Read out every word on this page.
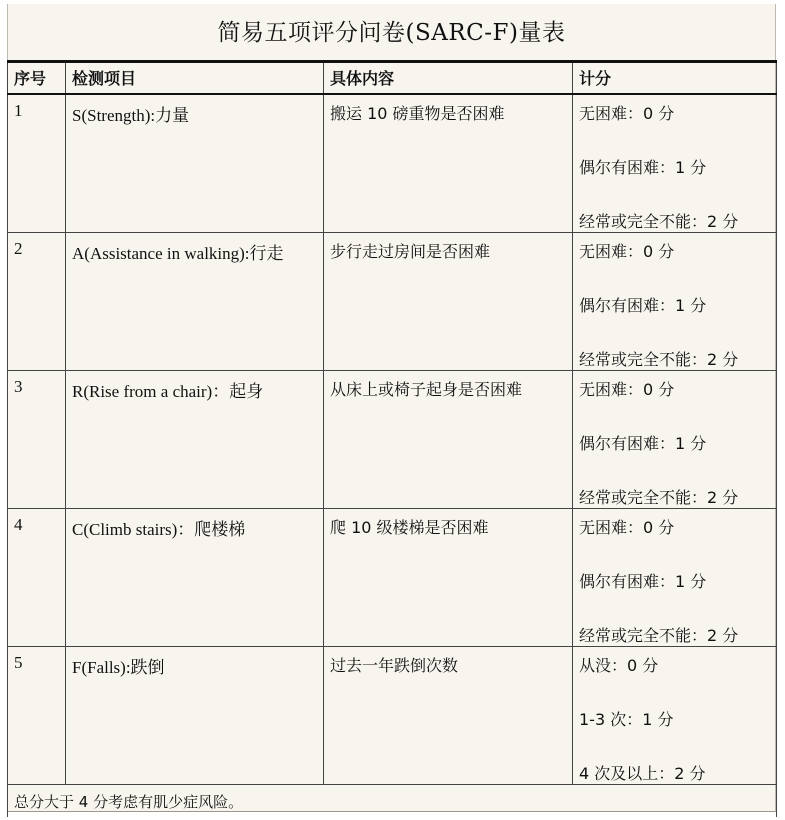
简易五项评分问卷(SARC-F)量表
序号	检测项目	具体内容	计分
1	S(Strength):力量	搬运 10 磅重物是否困难	无困难：0 分
偶尔有困难：1 分
经常或完全不能：2 分

2	A(Assistance in walking):行走	步行走过房间是否困难	无困难：0 分
偶尔有困难：1 分
经常或完全不能：2 分

3	R(Rise from a chair)：起身	从床上或椅子起身是否困难	无困难：0 分
偶尔有困难：1 分
经常或完全不能：2 分

4	C(Climb stairs)：爬楼梯	爬 10 级楼梯是否困难	无困难：0 分
偶尔有困难：1 分
经常或完全不能：2 分

5	F(Falls):跌倒	过去一年跌倒次数	从没：0 分
1-3 次：1 分
4 次及以上：2 分

总分大于 4 分考虑有肌少症风险。			
